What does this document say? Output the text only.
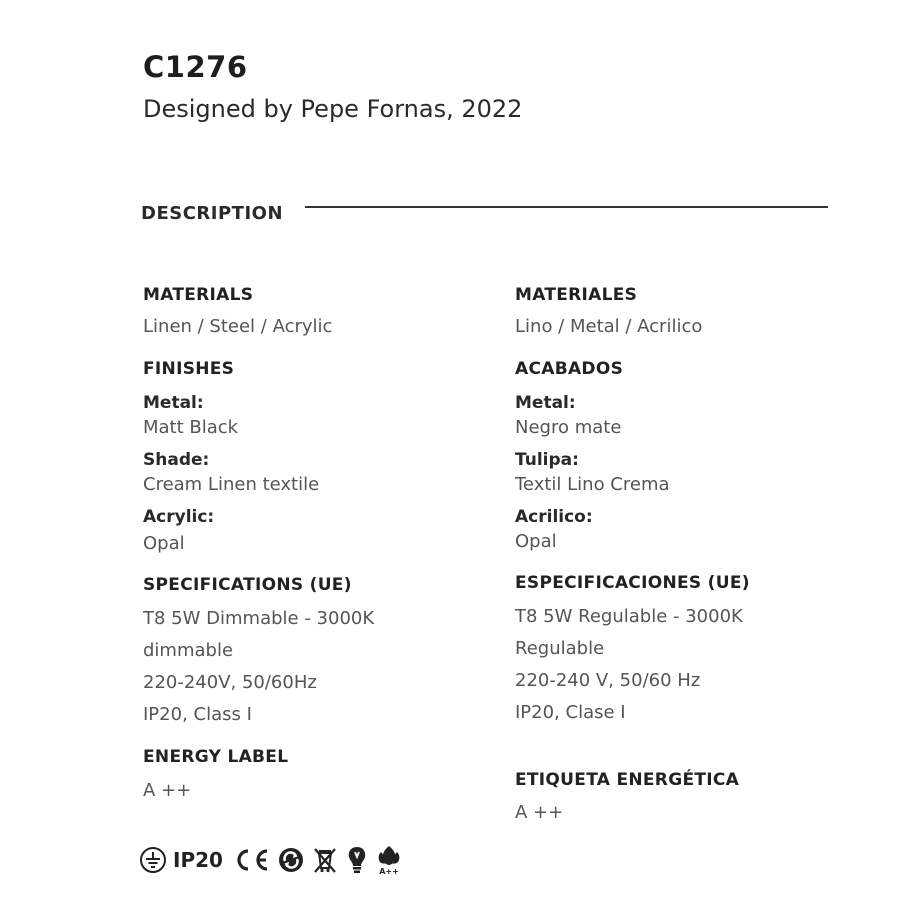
C1276
Designed by Pepe Fornas, 2022
DESCRIPTION
MATERIALS
Linen / Steel / Acrylic
FINISHES
Metal:
Matt Black
Shade:
Cream Linen textile
Acrylic:
Opal
SPECIFICATIONS (UE)
T8 5W Dimmable - 3000K
dimmable
220-240V, 50/60Hz
IP20, Class I
ENERGY LABEL
A ++
MATERIALES
Lino / Metal / Acrilico
ACABADOS
Metal:
Negro mate
Tulipa:
Textil Lino Crema
Acrilico:
Opal
ESPECIFICACIONES (UE)
T8 5W Regulable - 3000K
Regulable
220-240 V, 50/60 Hz
IP20, Clase I
ETIQUETA ENERGÉTICA
A ++
IP20	A++
